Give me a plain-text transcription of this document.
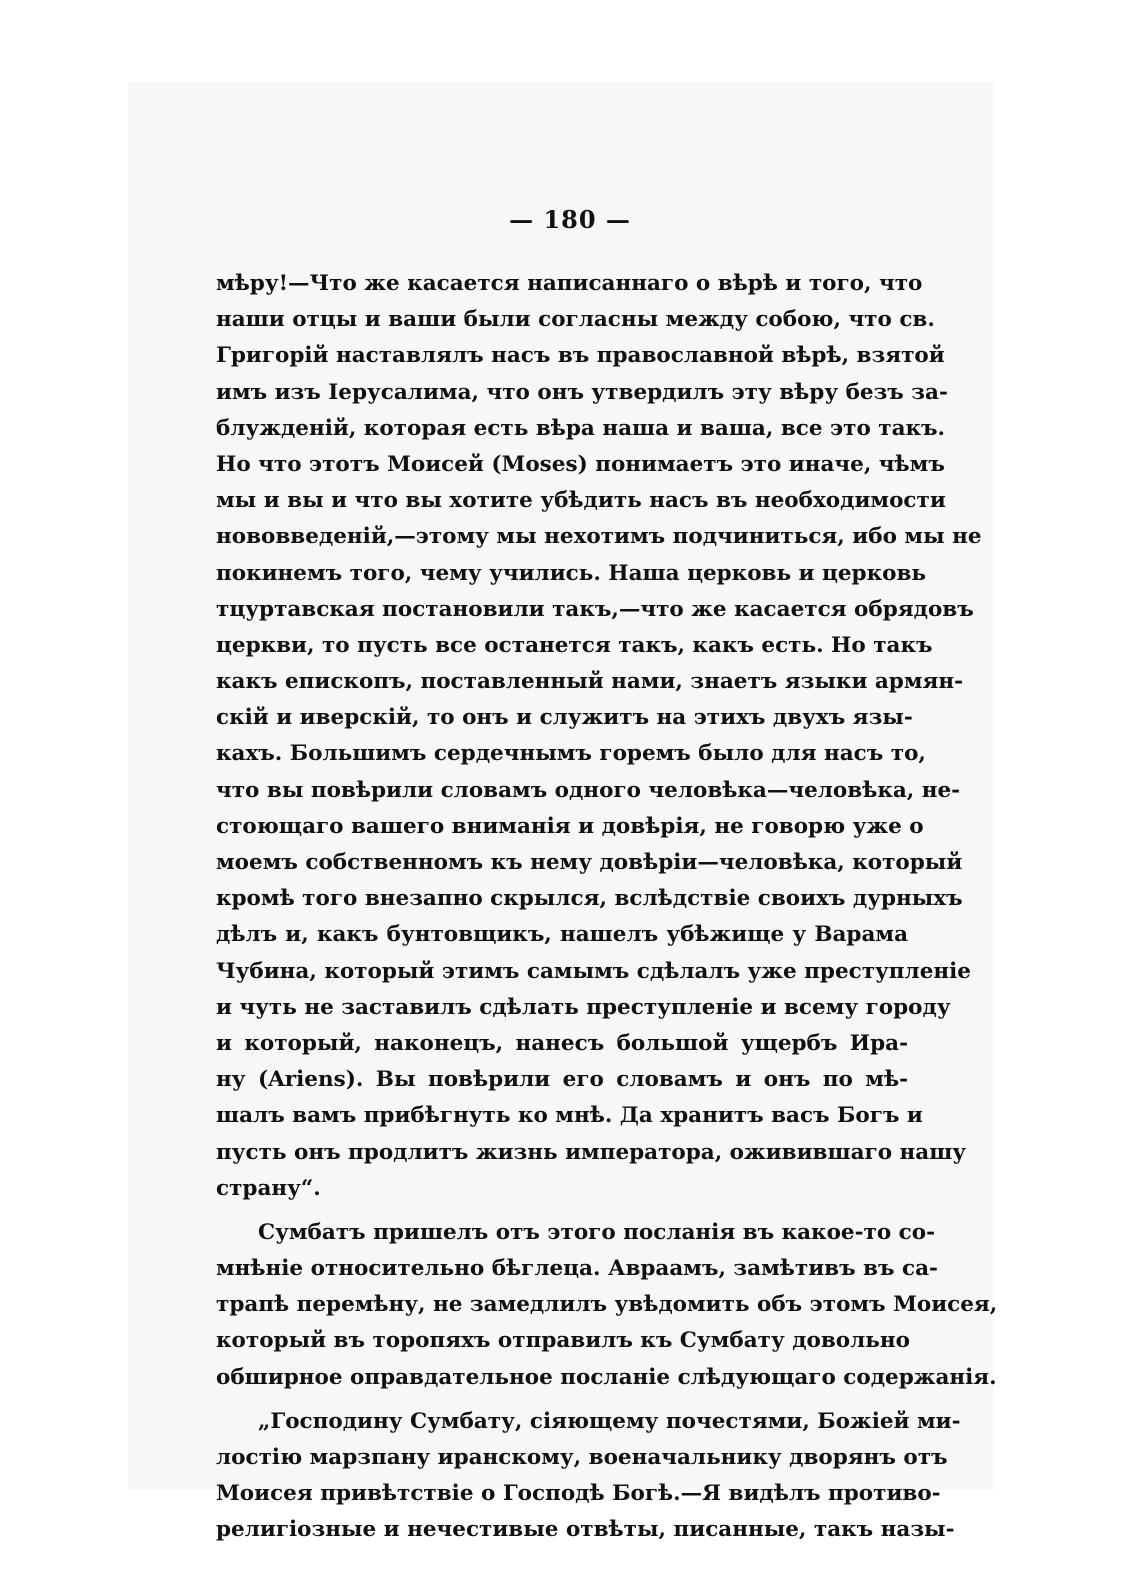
— 180 —
мѣру!—Что же касается написаннаго о вѣрѣ и того, что
наши отцы и ваши были согласны между собою, что св.
Григорій наставлялъ насъ въ православной вѣрѣ, взятой
имъ изъ Іерусалима, что онъ утвердилъ эту вѣру безъ за-
блужденій, которая есть вѣра наша и ваша, все это такъ.
Но что этотъ Моисей (Moses) понимаетъ это иначе, чѣмъ
мы и вы и что вы хотите убѣдить насъ въ необходимости
нововведеній,—этому мы нехотимъ подчиниться, ибо мы не
покинемъ того, чему учились. Наша церковь и церковь
тцуртавская постановили такъ,—что же касается обрядовъ
церкви, то пусть все останется такъ, какъ есть. Но такъ
какъ епископъ, поставленный нами, знаетъ языки армян-
скій и иверскій, то онъ и служитъ на этихъ двухъ язы-
кахъ. Большимъ сердечнымъ горемъ было для насъ то,
что вы повѣрили словамъ одного человѣка—человѣка, не-
стоющаго вашего вниманія и довѣрія, не говорю уже о
моемъ собственномъ къ нему довѣріи—человѣка, который
кромѣ того внезапно скрылся, вслѣдствіе своихъ дурныхъ
дѣлъ и, какъ бунтовщикъ, нашелъ убѣжище у Варама
Чубина, который этимъ самымъ сдѣлалъ уже преступленіе
и чуть не заставилъ сдѣлать преступленіе и всему городу
и который, наконецъ, нанесъ большой ущербъ Ира-
ну (Ariens). Вы повѣрили его словамъ и онъ по мѣ-
шалъ вамъ прибѣгнуть ко мнѣ. Да хранитъ васъ Богъ и
пусть онъ продлитъ жизнь императора, оживившаго нашу
страну“.
Сумбатъ пришелъ отъ этого посланія въ какое-то со-
мнѣніе относительно бѣглеца. Авраамъ, замѣтивъ въ са-
трапѣ перемѣну, не замедлилъ увѣдомить объ этомъ Моисея,
который въ торопяхъ отправилъ къ Сумбату довольно
обширное оправдательное посланіе слѣдующаго содержанія.
„Господину Сумбату, сіяющему почестями, Божіей ми-
лостію марзпану иранскому, военачальнику дворянъ отъ
Моисея привѣтствіе о Господѣ Богѣ.—Я видѣлъ противо-
религіозные и нечестивые отвѣты, писанные, такъ назы-
